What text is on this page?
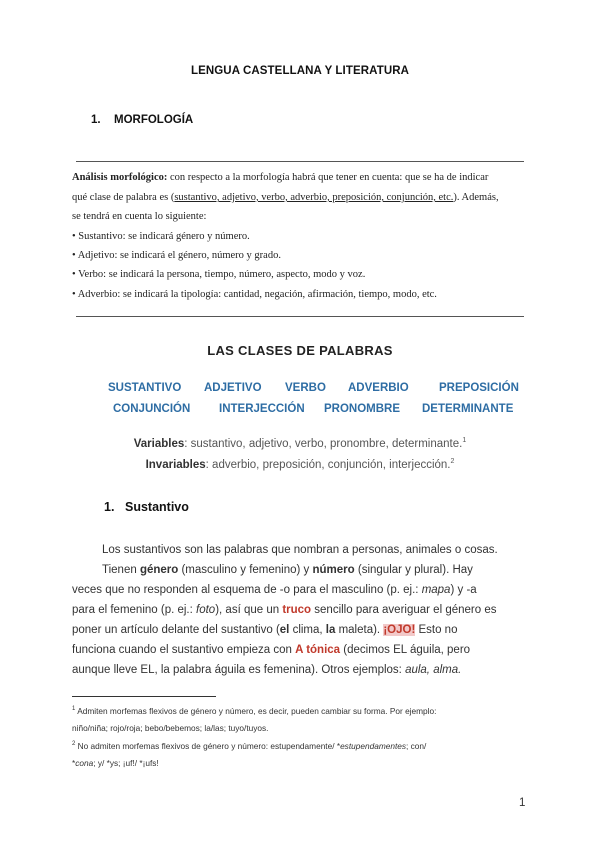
LENGUA CASTELLANA Y LITERATURA
1. MORFOLOGÍA
Análisis morfológico: con respecto a la morfología habrá que tener en cuenta: que se ha de indicar
qué clase de palabra es (sustantivo, adjetivo, verbo, adverbio, preposición, conjunción, etc.). Además,
se tendrá en cuenta lo siguiente:
• Sustantivo: se indicará género y número.
• Adjetivo: se indicará el género, número y grado.
• Verbo: se indicará la persona, tiempo, número, aspecto, modo y voz.
• Adverbio: se indicará la tipología: cantidad, negación, afirmación, tiempo, modo, etc.
LAS CLASES DE PALABRAS
SUSTANTIVO ADJETIVO VERBO ADVERBIO	PREPOSICIÓN
CONJUNCIÓN INTERJECCIÓN PRONOMBRE DETERMINANTE
Variables: sustantivo, adjetivo, verbo, pronombre, determinante.$^1$
Invariables: adverbio, preposición, conjunción, interjección.$^2$
1. Sustantivo
Los sustantivos son las palabras que nombran a personas, animales o cosas.
Tienen género (masculino y femenino) y número (singular y plural). Hay
veces que no responden al esquema de -o para el masculino (p. ej.: mapa) y -a
para el femenino (p. ej.: foto), así que un truco sencillo para averiguar el género es
poner un artículo delante del sustantivo (el clima, la maleta). ¡OJO! Esto no
funciona cuando el sustantivo empieza con A tónica (decimos EL águila, pero
aunque lleve EL, la palabra águila es femenina). Otros ejemplos: aula, alma.
$^1$ Admiten morfemas flexivos de género y número, es decir, pueden cambiar su forma. Por ejemplo:
niño/niña; rojo/roja; bebo/bebemos; la/las; tuyo/tuyos.
$^2$ No admiten morfemas flexivos de género y número: estupendamente/ *estupendamentes; con/
*cona; y/ *ys; ¡uf!/ *¡ufs!
1
